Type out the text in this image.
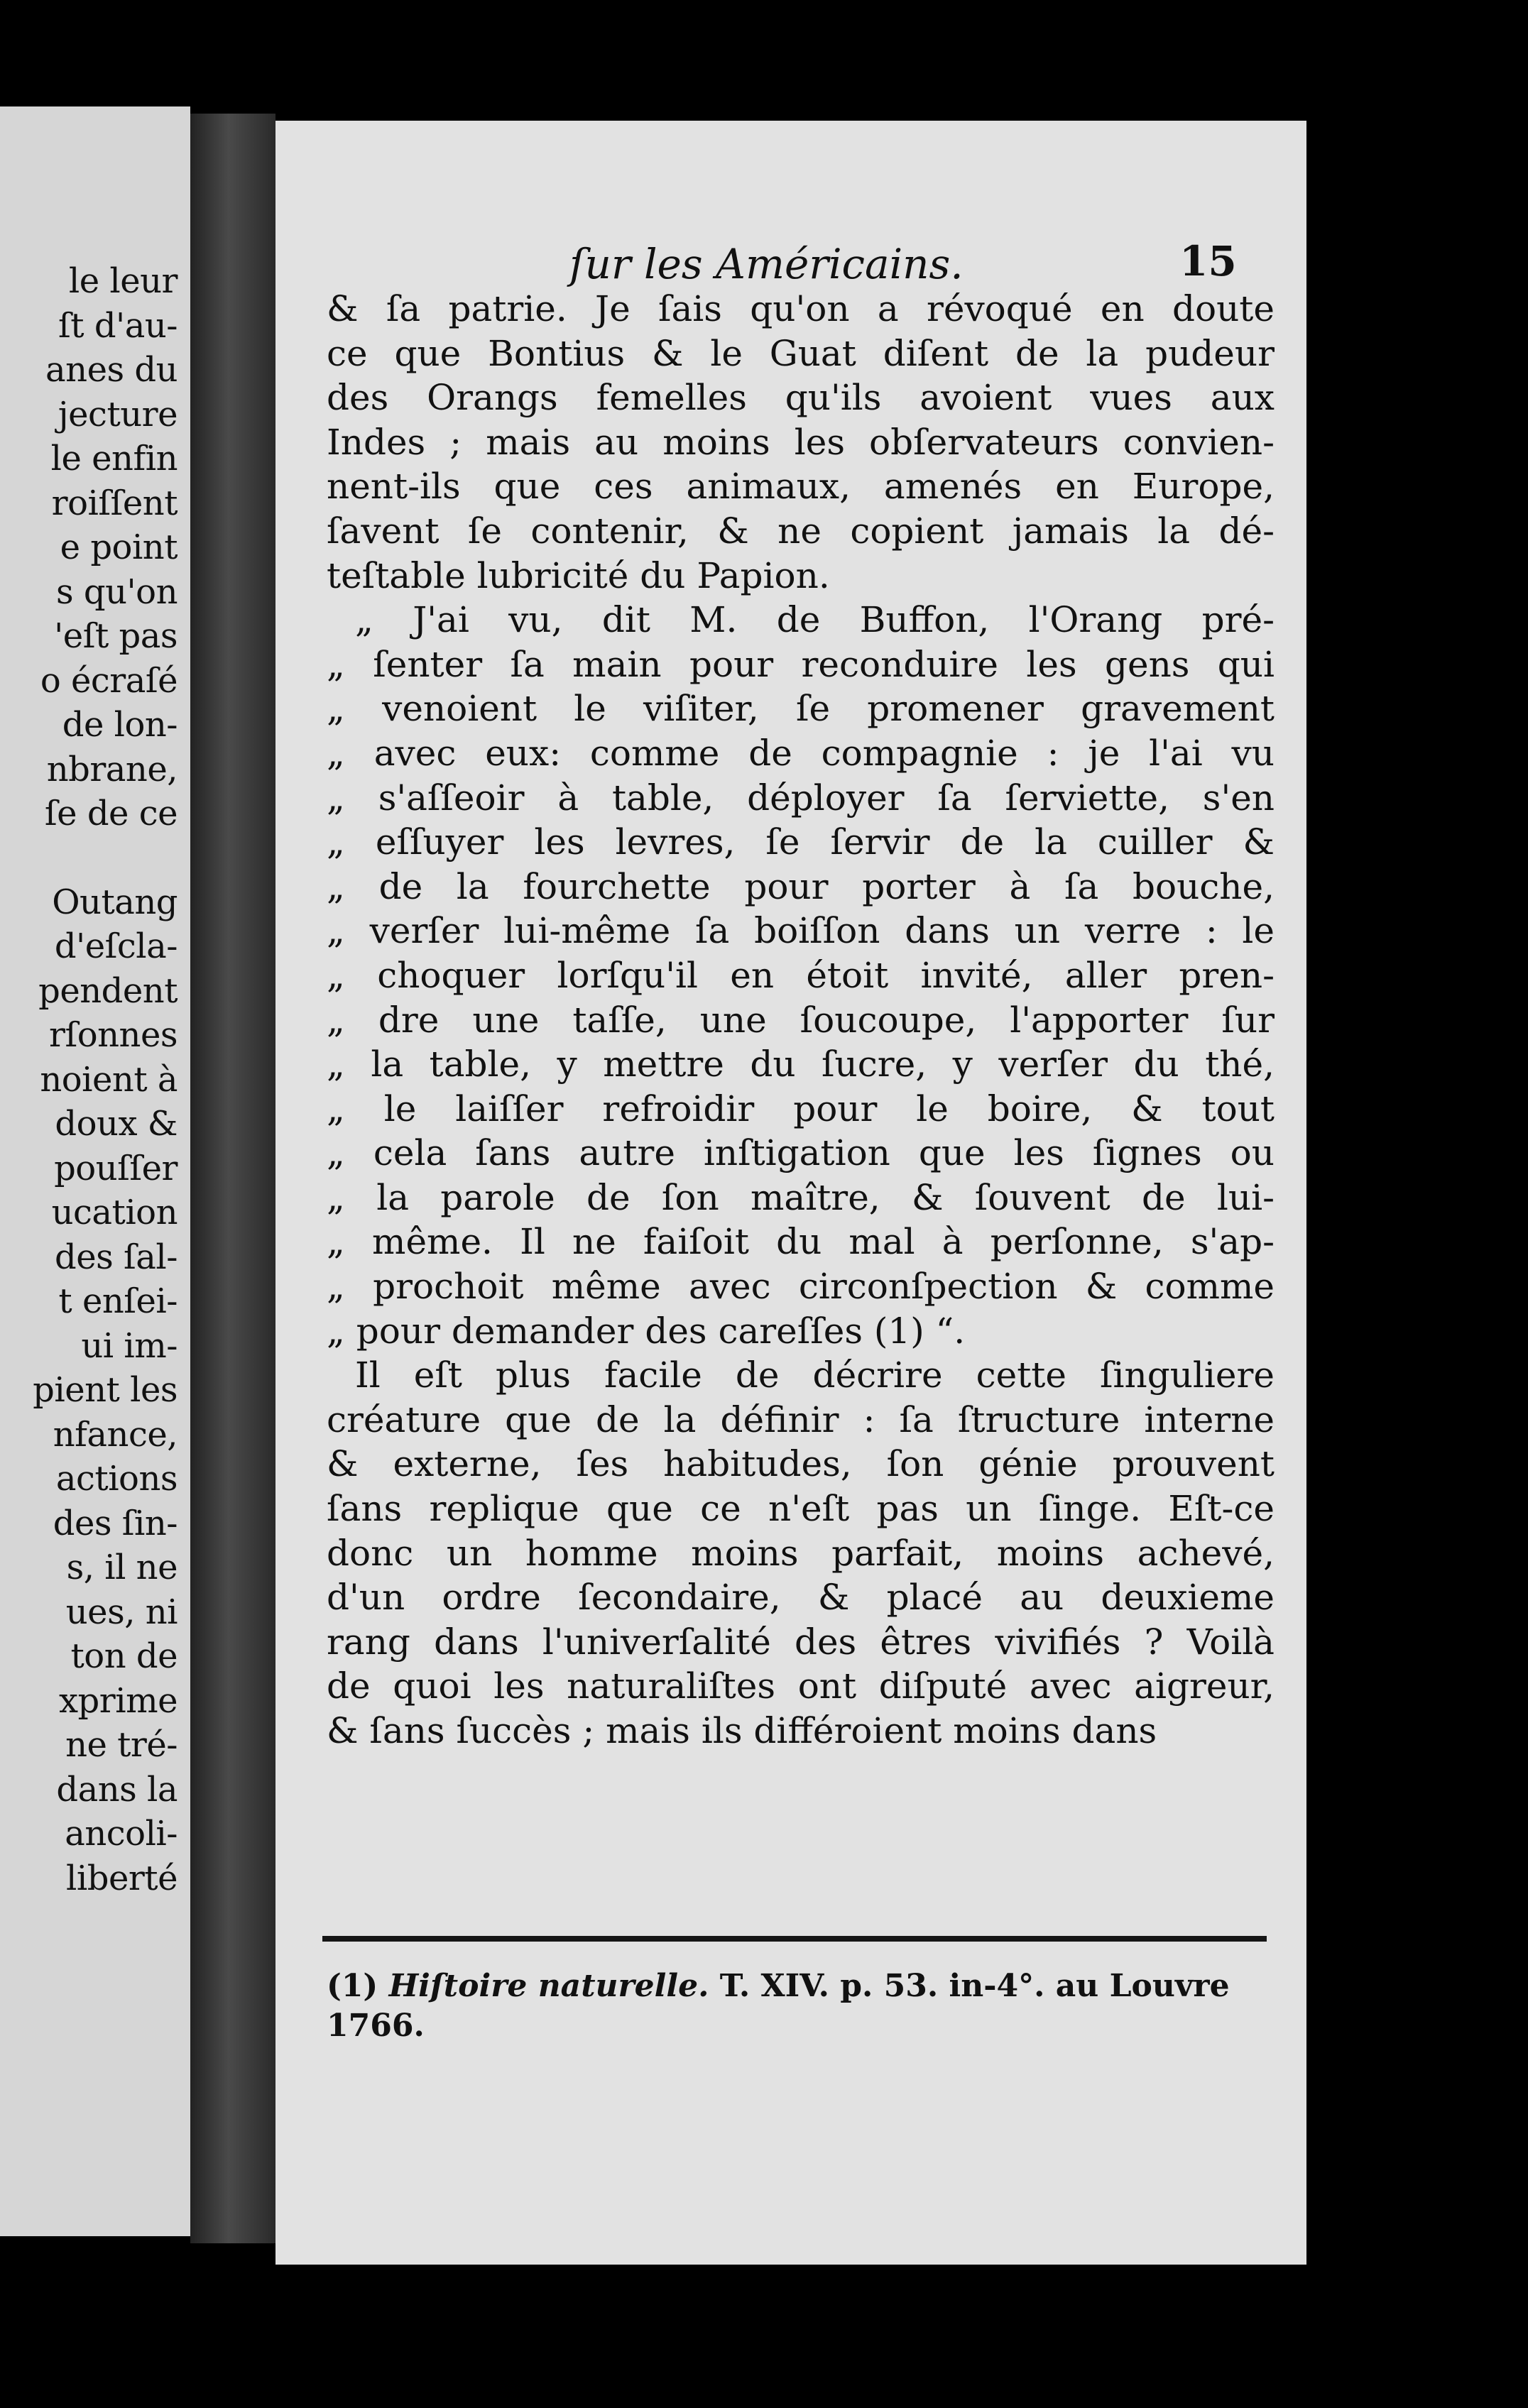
le leur
ſt d'au-
anes du
jecture
le enfin
roiſſent
e point
s qu'on
'eſt pas
o écraſé
de lon-
nbrane,
ſe de ce
Outang
d'eſcla-
pendent
rſonnes
noient à
doux &
pouſſer
ucation
des ſal-
t enſei-
ui im-
pient les
nfance,
actions
des ſin-
s, il ne
ues, ni
ton de
xprime
ne tré-
dans la
ancoli-
liberté
ſur les Américains.	15
& ſa patrie. Je ſais qu'on a révoqué en doute
ce que Bontius & le Guat diſent de la pudeur
des Orangs femelles qu'ils avoient vues aux
Indes ; mais au moins les obſervateurs convien-
nent-ils que ces animaux, amenés en Europe,
ſavent ſe contenir, & ne copient jamais la dé-
teſtable lubricité du Papion.
„ J'ai vu, dit M. de Buffon, l'Orang pré-
„ ſenter ſa main pour reconduire les gens qui
„ venoient le viſiter, ſe promener gravement
„ avec eux: comme de compagnie : je l'ai vu
„ s'aſſeoir à table, déployer ſa ſerviette, s'en
„ eſſuyer les levres, ſe ſervir de la cuiller &
„ de la fourchette pour porter à ſa bouche,
„ verſer lui-même ſa boiſſon dans un verre : le
„ choquer lorſqu'il en étoit invité, aller pren-
„ dre une taſſe, une ſoucoupe, l'apporter ſur
„ la table, y mettre du ſucre, y verſer du thé,
„ le laiſſer refroidir pour le boire, & tout
„ cela ſans autre inſtigation que les ſignes ou
„ la parole de ſon maître, & ſouvent de lui-
„ même. Il ne faiſoit du mal à perſonne, s'ap-
„ prochoit même avec circonſpection & comme
„ pour demander des careſſes (1) “.
Il eſt plus facile de décrire cette ſinguliere
créature que de la définir : ſa ſtructure interne
& externe, ſes habitudes, ſon génie prouvent
ſans replique que ce n'eſt pas un ſinge. Eſt-ce
donc un homme moins parfait, moins achevé,
d'un ordre ſecondaire, & placé au deuxieme
rang dans l'univerſalité des êtres vivifiés ? Voilà
de quoi les naturaliſtes ont diſputé avec aigreur,
& ſans ſuccès ; mais ils différoient moins dans
(1) Hiſtoire naturelle. T. XIV. p. 53. in-4°. au Louvre
1766.
